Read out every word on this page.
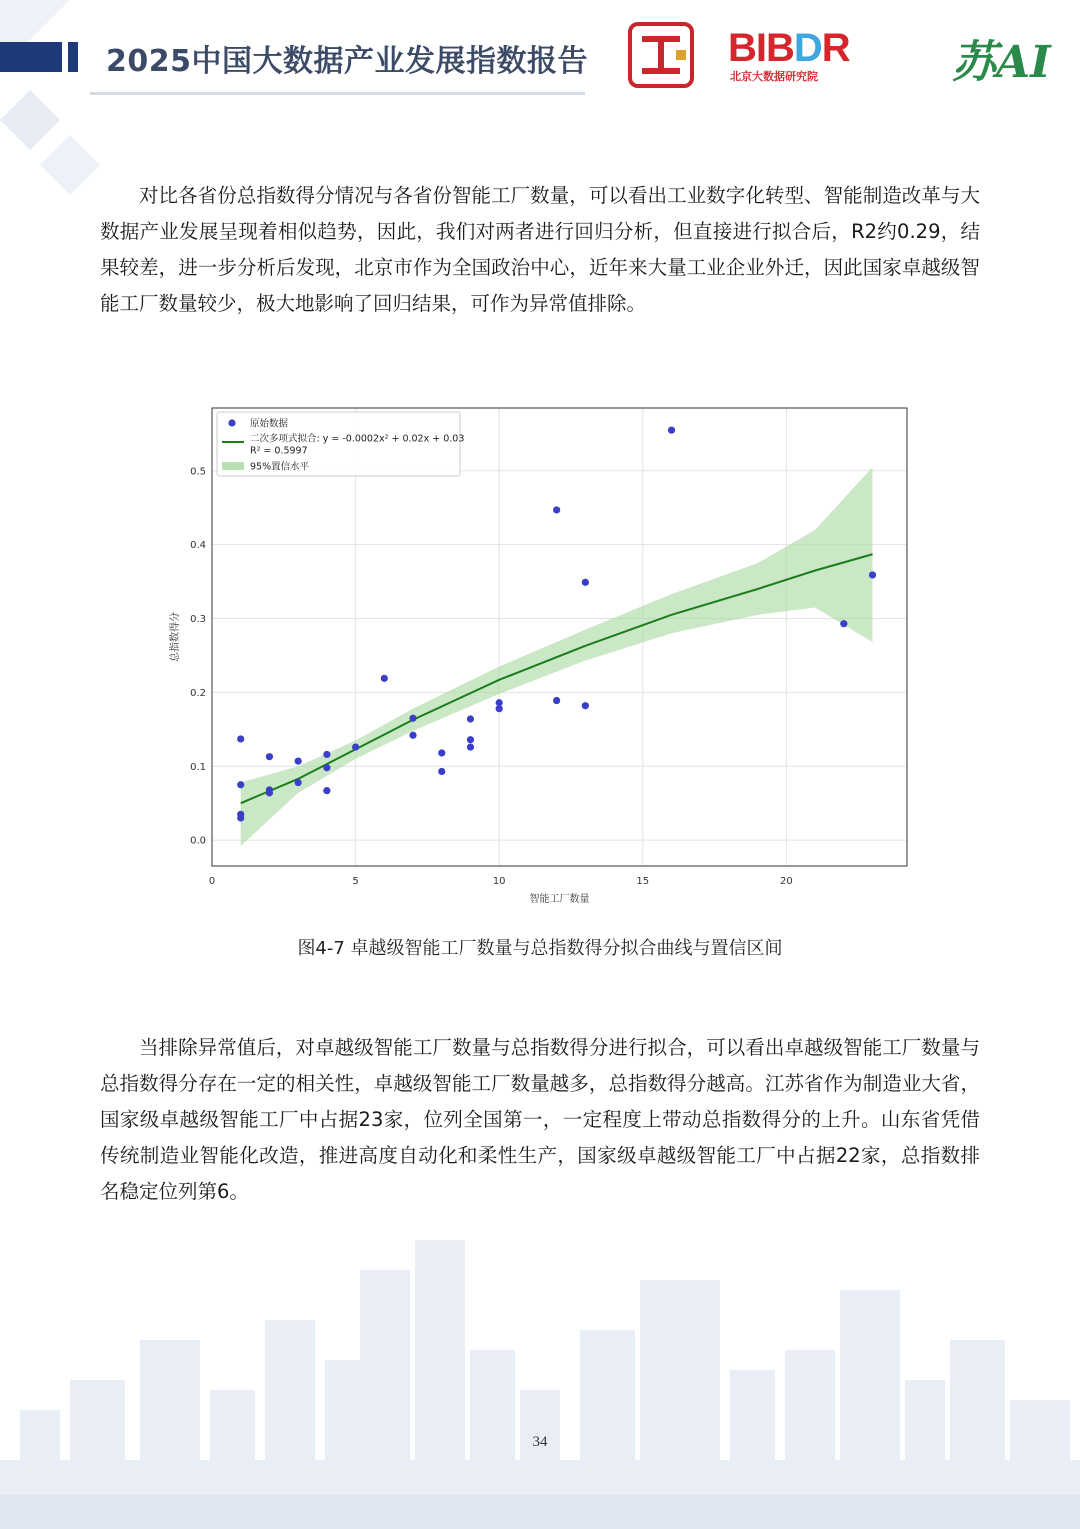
2025中国大数据产业发展指数报告	BIBDR
北京大数据研究院	苏AI

对比各省份总指数得分情况与各省份智能工厂数量，可以看出工业数字化转型、智能制造改革与大数据产业发展呈现着相似趋势，因此，我们对两者进行回归分析，但直接进行拟合后，R2约0.29，结果较差，进一步分析后发现，北京市作为全国政治中心，近年来大量工业企业外迁，因此国家卓越级智能工厂数量较少，极大地影响了回归结果，可作为异常值排除。

0	5	10	15	20
0.0
0.1
0.2
0.3
0.4
0.5
智能工厂数量
总指数得分
原始数据
二次多项式拟合: y = -0.0002x² + 0.02x + 0.03
R² = 0.5997
95%置信水平
图4-7 卓越级智能工厂数量与总指数得分拟合曲线与置信区间

当排除异常值后，对卓越级智能工厂数量与总指数得分进行拟合，可以看出卓越级智能工厂数量与总指数得分存在一定的相关性，卓越级智能工厂数量越多，总指数得分越高。江苏省作为制造业大省，国家级卓越级智能工厂中占据23家，位列全国第一，一定程度上带动总指数得分的上升。山东省凭借传统制造业智能化改造，推进高度自动化和柔性生产，国家级卓越级智能工厂中占据22家，总指数排名稳定位列第6。

34
